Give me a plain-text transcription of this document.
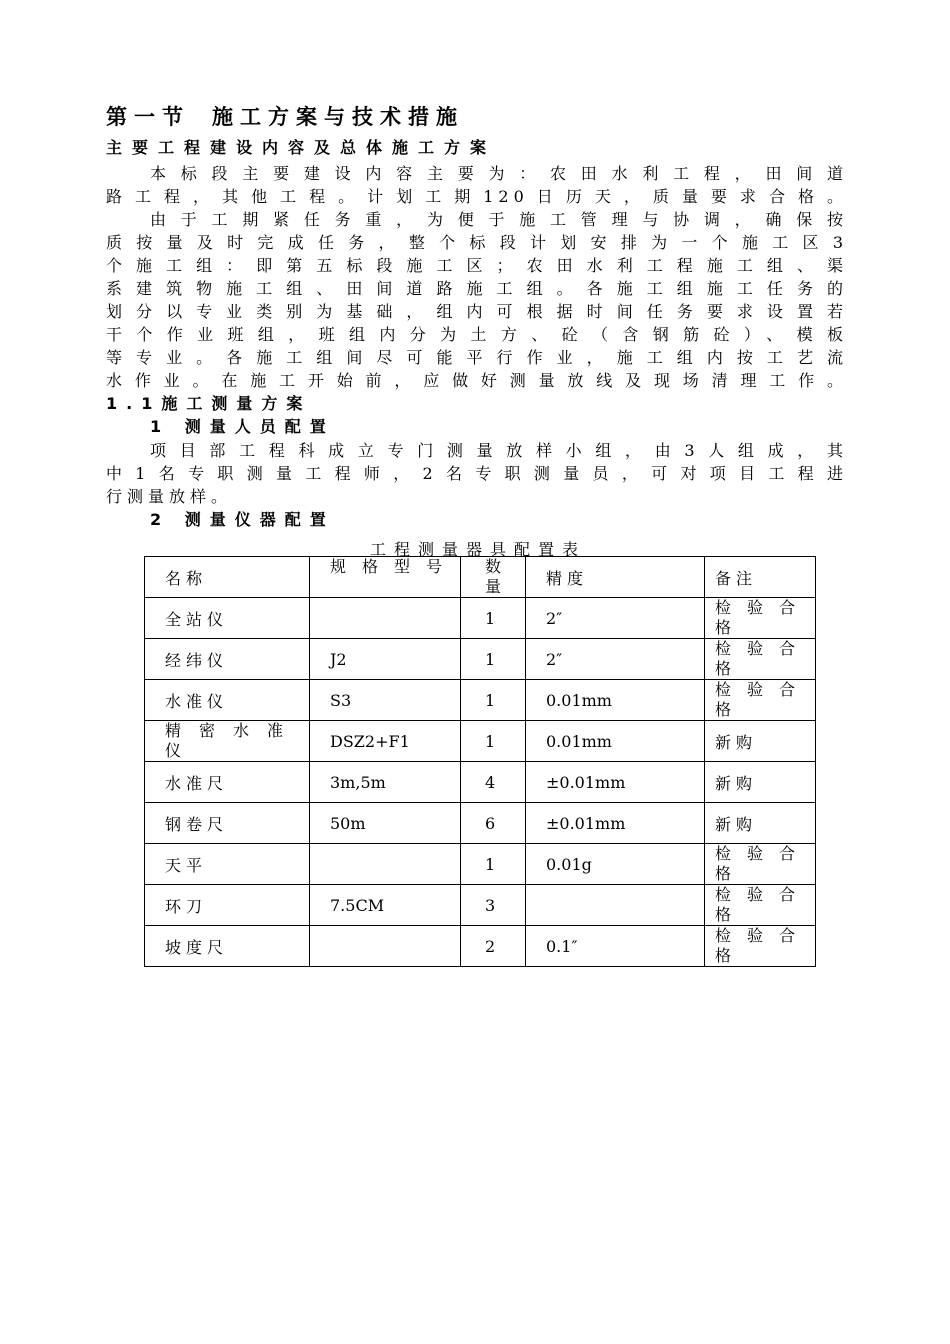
第一节 施工方案与技术措施
主要工程建设内容及总体施工方案
本标段主要建设内容主要为：农田水利工程，田间道
路工程，其他工程。计划工期120日历天，质量要求合格。
由于工期紧任务重，为便于施工管理与协调，确保按
质按量及时完成任务，整个标段计划安排为一个施工区3
个施工组：即第五标段施工区；农田水利工程施工组、渠
系建筑物施工组、田间道路施工组。各施工组施工任务的
划分以专业类别为基础，组内可根据时间任务要求设置若
干个作业班组，班组内分为土方、砼（含钢筋砼）、模板
等专业。各施工组间尽可能平行作业，施工组内按工艺流
水作业。在施工开始前，应做好测量放线及现场清理工作。
1.1施工测量方案
1 测量人员配置
项目部工程科成立专门测量放样小组，由3人组成，其
中1名专职测量工程师，2名专职测量员，可对项目工程进
行测量放样。
2 测量仪器配置
工程测量器具配置表
名称	规格型号	数量	精度	备注
全站仪		1	2″	检验合格

经纬仪	J2	1	2″	检验合格

水准仪	S3	1	0.01mm	检验合格

精密水准仪	DSZ2+F1	1	0.01mm	新购
水准尺	3m,5m	4	±0.01mm	新购
钢卷尺	50m	6	±0.01mm	新购
天平		1	0.01g	检验合格

环刀	7.5CM	3		检验合格

坡度尺		2	0.1″	检验合格
